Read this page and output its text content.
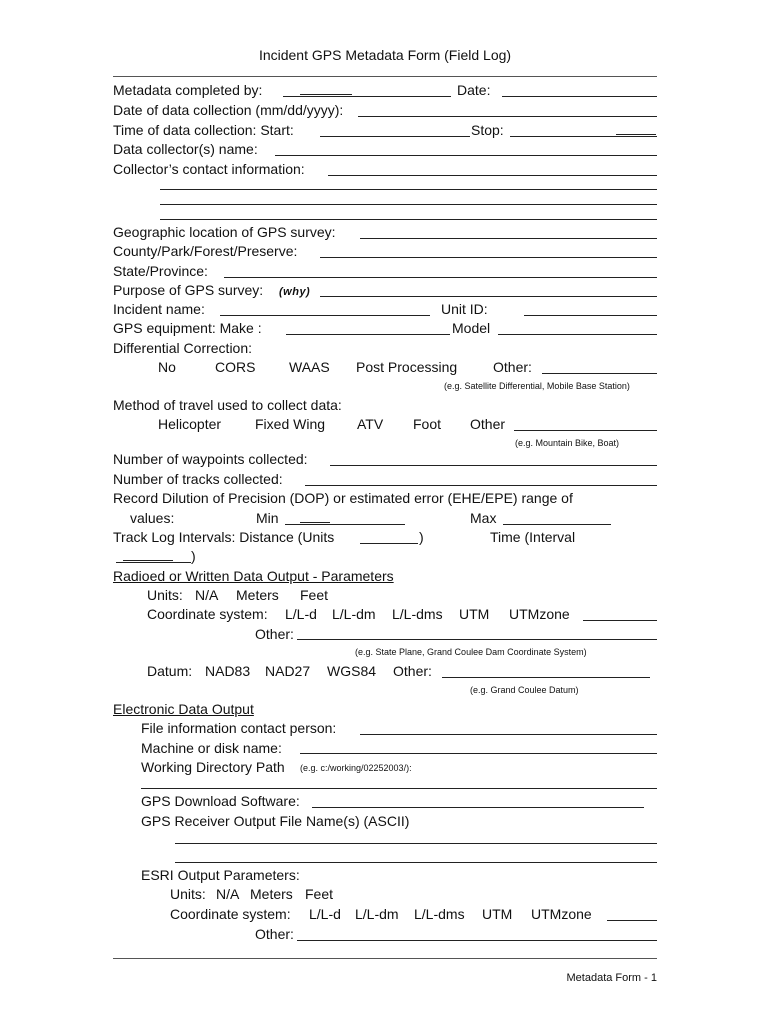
Incident GPS Metadata Form (Field Log)
Metadata completed by:	Date:
Date of data collection (mm/dd/yyyy):
Time of data collection: Start:	Stop:
Data collector(s) name:
Collector’s contact information:
Geographic location of GPS survey:
County/Park/Forest/Preserve:
State/Province:
Purpose of GPS survey: (why)
Incident name:	Unit ID:
GPS equipment: Make :	Model
Differential Correction:
No	CORS WAAS Post Processing	Other:
(e.g. Satellite Differential, Mobile Base Station)
Method of travel used to collect data:
Helicopter Fixed Wing ATV Foot Other
(e.g. Mountain Bike, Boat)
Number of waypoints collected:
Number of tracks collected:
Record Dilution of Precision (DOP) or estimated error (EHE/EPE) range of
values:	Min	Max
Track Log Intervals: Distance (Units	)	Time (Interval
)
Radioed or Written Data Output - Parameters
Units: N/A Meters Feet
Coordinate system: L/L-d L/L-dm L/L-dms UTM UTMzone
Other:
(e.g. State Plane, Grand Coulee Dam Coordinate System)
Datum: NAD83 NAD27 WGS84 Other:
(e.g. Grand Coulee Datum)
Electronic Data Output
File information contact person:
Machine or disk name:
Working Directory Path (e.g. c:/working/02252003/):
GPS Download Software:
GPS Receiver Output File Name(s) (ASCII)
ESRI Output Parameters:
Units: N/A Meters Feet
Coordinate system: L/L-d L/L-dm L/L-dms UTM UTMzone
Other:
Metadata Form - 1
